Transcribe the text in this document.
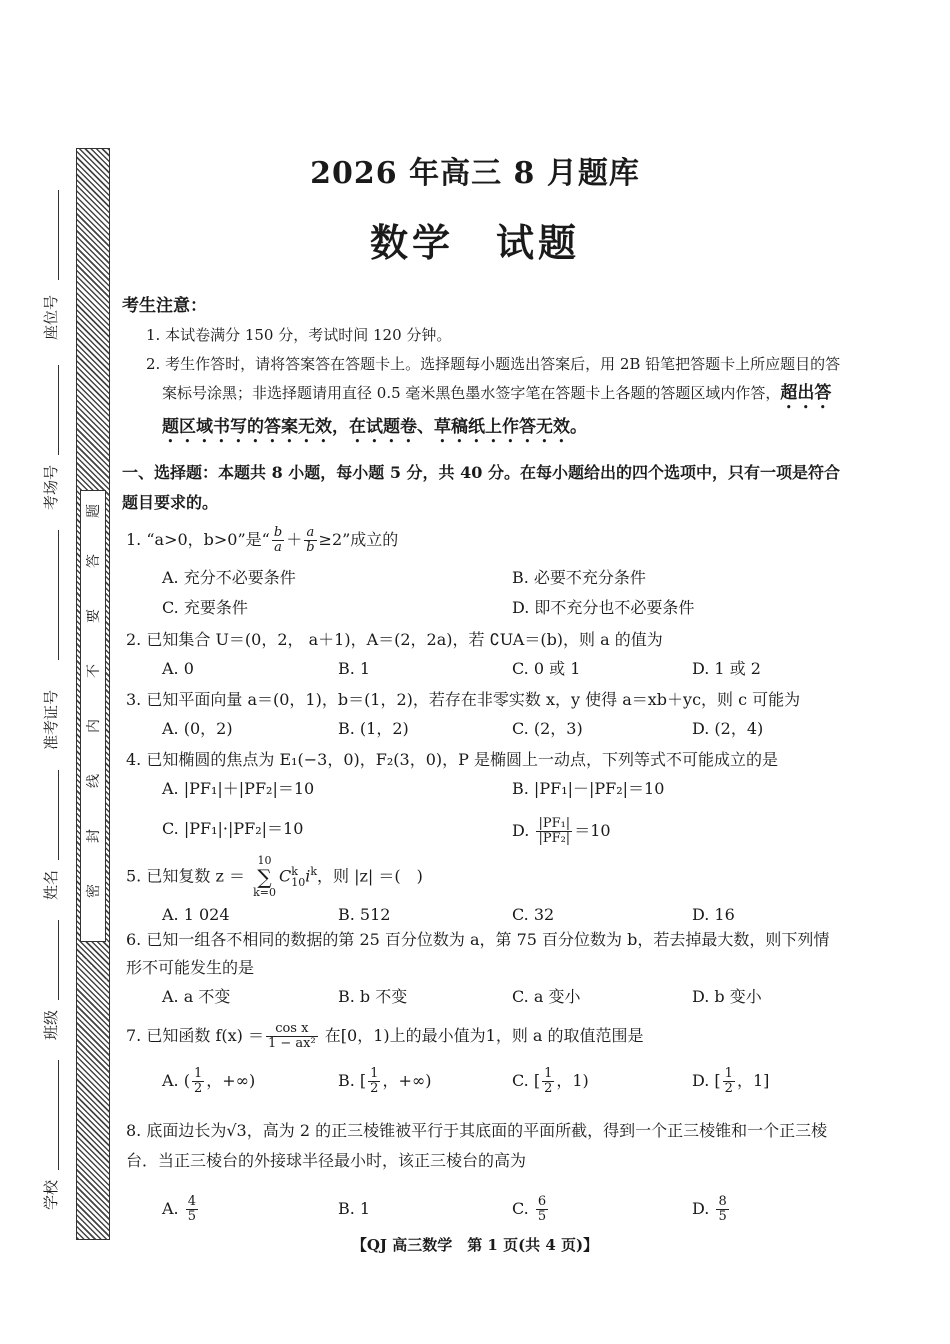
座位号
考场号
准考证号
姓名
班级
学校
密
封
线
内
不
要
答
题
2026 年高三 8 月题库
数学　试题
考生注意：
1. 本试卷满分 150 分，考试时间 120 分钟。
2. 考生作答时，请将答案答在答题卡上。选择题每小题选出答案后，用 2B 铅笔把答题卡上所应题目的答案标号涂黑；非选择题请用直径 0.5 毫米黑色墨水签字笔在答题卡上各题的答题区域内作答，超出答题区域书写的答案无效，在试题卷、草稿纸上作答无效。
一、选择题：本题共 8 小题，每小题 5 分，共 40 分。在每小题给出的四个选项中，只有一项是符合题目要求的。
1. “a>0，b>0”是“ $\frac{b}{a} + \frac{a}{b} \ge 2$”成立的
A. 充分不必要条件	B. 必要不充分条件
C. 充要条件	D. 即不充分也不必要条件
2. 已知集合 U＝(0，2， a＋1)，A＝(2，2a)，若 ∁UA＝(b)，则 a 的值为
A. 0	B. 1	C. 0 或 1	D. 1 或 2
3. 已知平面向量 a＝(0，1)，b＝(1，2)，若存在非零实数 x，y 使得 a＝xb＋yc，则 c 可能为
A. (0，2)	B. (1，2)	C. (2，3)	D. (2，4)
4. 已知椭圆的焦点为 E₁(−3，0)，F₂(3，0)，P 是椭圆上一动点，下列等式不可能成立的是
A. |PF₁|＋|PF₂|＝10	B. |PF₁|－|PF₂|＝10
C. |PF₁|·|PF₂|＝10	D. $\frac{\text{|PF₁|}}{\text{|PF₂|}} =10$
5. 已知复数 z ＝
10
∑
k=0
C k
10 $i^k$，则 |z| ＝(　)
A. 1 024	B. 512	C. 32	D. 16
6. 已知一组各不相同的数据的第 25 百分位数为 a，第 75 百分位数为 b，若去掉最大数，则下列情形不可能发生的是
A. a 不变	B. b 不变	C. a 变小	D. b 变小
7. 已知函数 $f(x) = \frac{\text{cos x}}{\text{1 − ax²}}$ 在[0，1)上的最小值为1，则 a 的取值范围是
A. ( $\frac{1}{2}$ ，+∞)	B. [ $\frac{1}{2}$ ，+∞)	C. [ $\frac{1}{2}$ ，1)	D. [ $\frac{1}{2}$ ，1]
8. 底面边长为√3，高为 2 的正三棱锥被平行于其底面的平面所截，得到一个正三棱锥和一个正三棱台．当正三棱台的外接球半径最小时，该正三棱台的高为
A. $\frac{4}{5}$	B. 1	C. $\frac{6}{5}$	D. $\frac{8}{5}$
【QJ 高三数学　第 1 页(共 4 页)】
